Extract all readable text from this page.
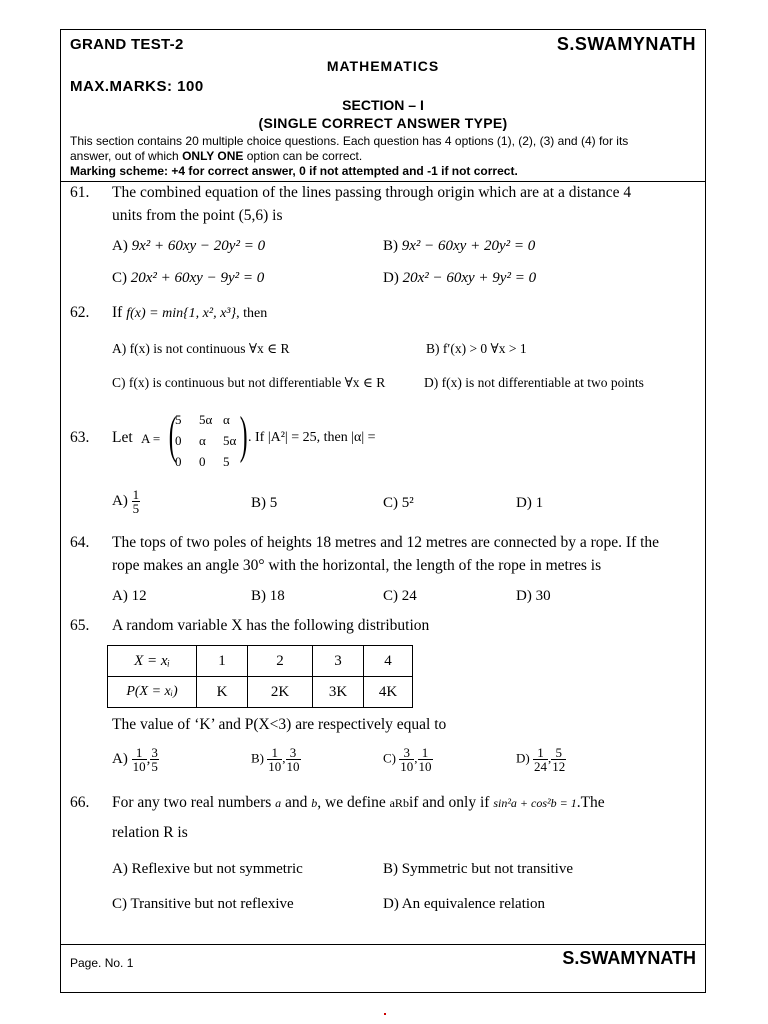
GRAND TEST-2	S.SWAMYNATH
MATHEMATICS
MAX.MARKS: 100
SECTION – I
(SINGLE CORRECT ANSWER TYPE)
This section contains 20 multiple choice questions. Each question has 4 options (1), (2), (3) and (4) for its
answer, out of which ONLY ONE option can be correct.
Marking scheme: +4 for correct answer, 0 if not attempted and -1 if not correct.
61. The combined equation of the lines passing through origin which are at a distance 4
units from the point (5,6) is
A) 9x² + 60xy − 20y² = 0	B) 9x² − 60xy + 20y² = 0
C) 20x² + 60xy − 9y² = 0	D) 20x² − 60xy + 9y² = 0
62. If f(x) = min{1, x², x³}, then
A) f(x) is not continuous ∀x ∈ R	B) f′(x) > 0 ∀x > 1
C) f(x) is continuous but not differentiable ∀x ∈ R	D) f(x) is not differentiable at two points
63. Let A = (
5	5α α
0	α	5α
0	0	5 ) . If |A²| = 25, then |α| =
$A) \frac{1}{5}$	B) 5	C) 5²	D) 1
64. The tops of two poles of heights 18 metres and 12 metres are connected by a rope. If the
rope makes an angle 30° with the horizontal, the length of the rope in metres is
A) 12	B) 18	C) 24	D) 30
65. A random variable X has the following distribution
X = xᵢ	1	2	3	4
P(X = xᵢ)	K	2K	3K	4K
The value of ‘K’ and P(X<3) are respectively equal to
$A) \frac{1}{10}$ , $\frac{3}{5}$	$B) \frac{1}{10}$ , $\frac{3}{10}$	$C) \frac{3}{10}$ , $\frac{1}{10}$	$D) \frac{1}{24}$ , $\frac{5}{12}$
66. For any two real numbers a and b, we define aRbif and only if sin²a + cos²b = 1.The
relation R is
A) Reflexive but not symmetric	B) Symmetric but not transitive
C) Transitive but not reflexive	D) An equivalence relation
Page. No. 1	S.SWAMYNATH
